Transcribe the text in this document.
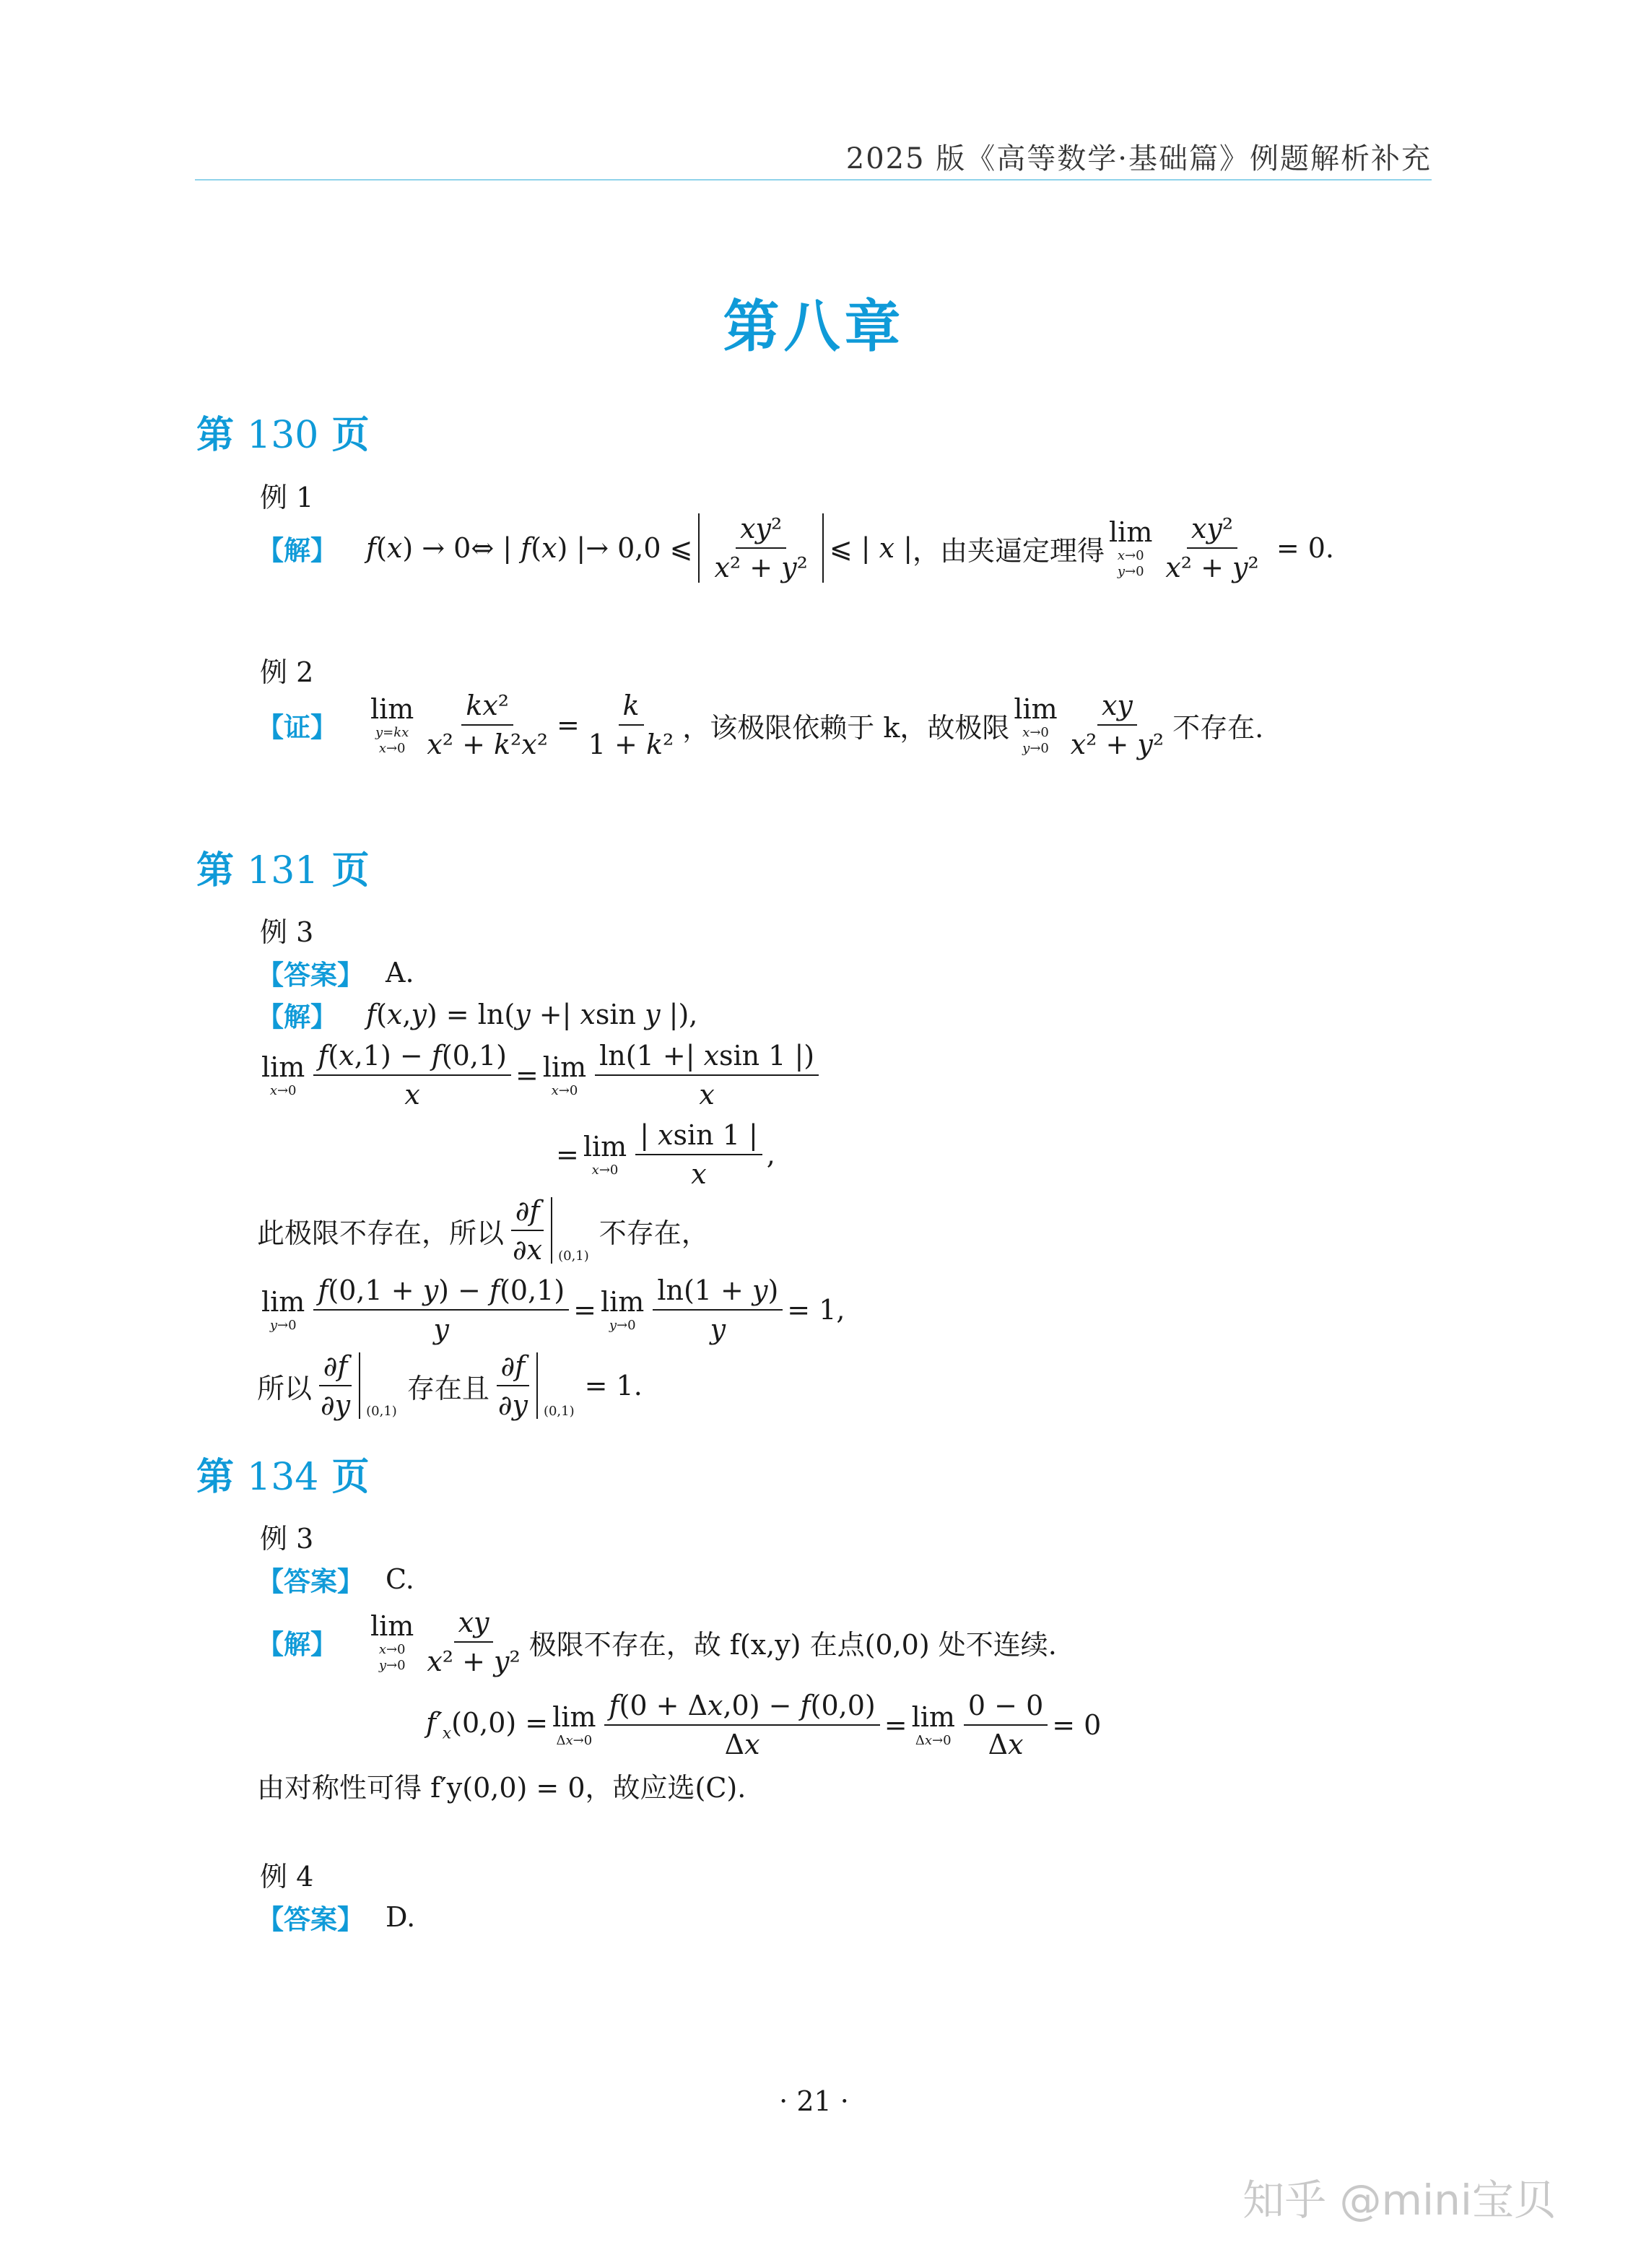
2025 版《高等数学·基础篇》例题解析补充
第八章
第 130 页
例 1
【解】 f(x) → 0⇔ | f(x) |→ 0,0 ⩽ $\frac{\text{xy²}}{\text{x² + y²}}$ ⩽ | x | ，由夹逼定理得
lim
x→0
$y\to 0 \frac{\text{xy²}}{\text{x² + y²}} = 0$.
例 2
【证】
lim
y=kx
$x\to 0 \frac{\text{kx²}}{\text{x² + k²x²}} = \frac{k}{\text{1 + k²}}$ ，该极限依赖于 k，故极限
lim
x→0
$y\to 0 \frac{xy}{\text{x² + y²}}$ 不存在.
第 131 页
例 3
【答案】 A.
【解】 f(x,y) = ln(y +| xsin y |),
lim
$x\to 0 \frac{f(x,1) - f(0,1)}{x} = \lim$
$x\to 0 \frac{\ln(1 +| xsin 1 |)}{x}$
= lim
$x\to 0 \frac{| xsin 1 |}{x}$ ,
此极限不存在，所以 $\frac{\partial f}{\partial x} (0,1)$
不存在，
lim
$y\to 0 \frac{f(0,1 + y) - f(0,1)}{y} = \lim$
$y\to 0 \frac{\ln(1 + y)}{y} = 1$,
所以 $\frac{\partial f}{\partial y} (0,1)$
存在且 $\frac{\partial f}{\partial y} (0,1)$
= 1.
第 134 页
例 3
【答案】 C.
【解】
lim
x→0
$y\to 0 \frac{xy}{\text{x² + y²}}$ 极限不存在，故 f(x,y) 在点(0,0) 处不连续.
$f'_x(0,0) = \lim$
$\Delta x\to 0 \frac{f(0 + \Delta x,0) - f(0,0)}{\Delta x} = \lim$
$\Delta x\to 0 \frac{0 - 0}{\Delta x} = 0$
由对称性可得 f′y(0,0) = 0，故应选(C).
例 4
【答案】 D.
· 21 ·
知乎 @mini宝贝
